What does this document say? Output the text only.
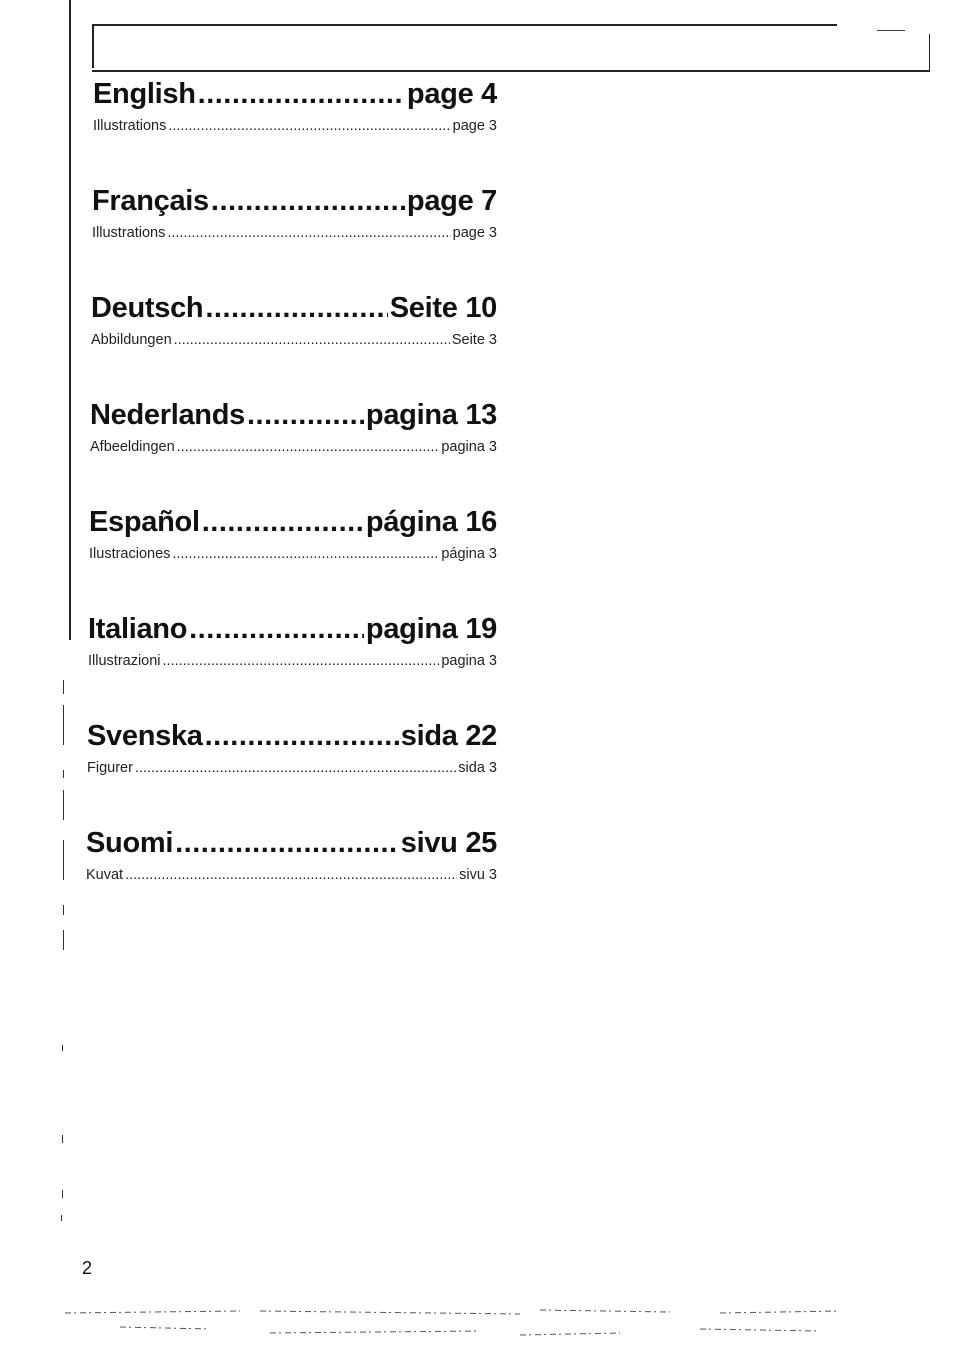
English .....	page 4
Illustrations .....	page 3
Français .....	page 7
Illustrations .....	page 3
Deutsch .....	Seite 10
Abbildungen .....	Seite 3
Nederlands .....	pagina 13
Afbeeldingen .....	pagina 3
Español .....	página 16
Ilustraciones .....	página 3
Italiano .....	pagina 19
Illustrazioni .....	pagina 3
Svenska .....	sida 22
Figurer .....	sida 3
Suomi .....	sivu 25
Kuvat .....	sivu 3
2
